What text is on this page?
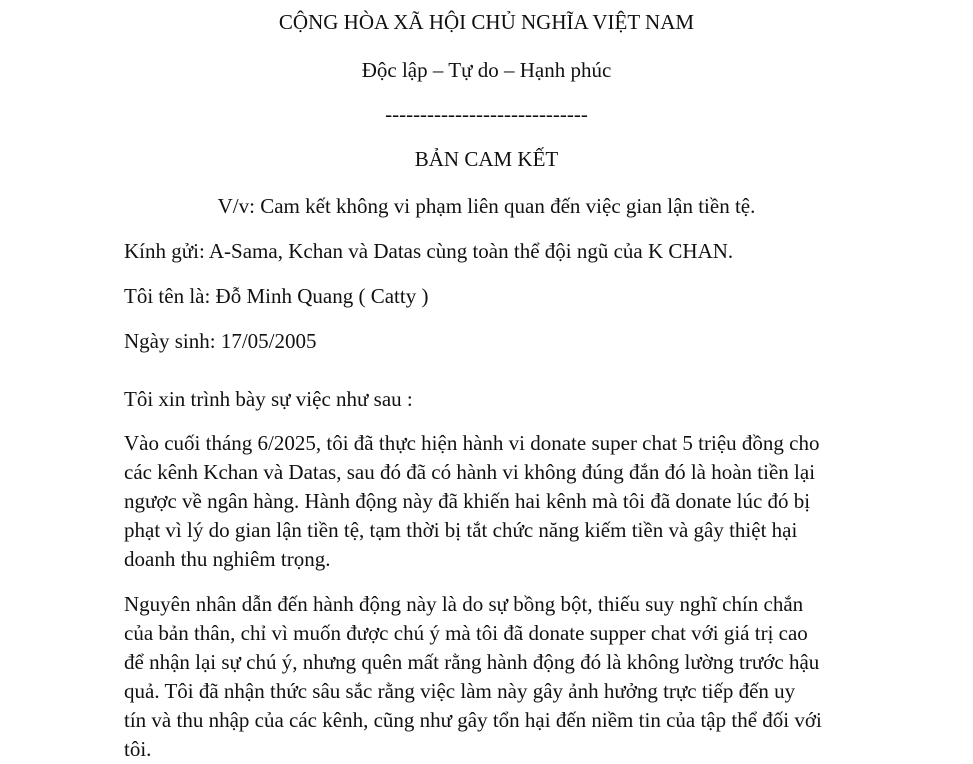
CỘNG HÒA XÃ HỘI CHỦ NGHĨA VIỆT NAM
Độc lập – Tự do – Hạnh phúc
-----------------------------
BẢN CAM KẾT
V/v: Cam kết không vi phạm liên quan đến việc gian lận tiền tệ.
Kính gửi: A-Sama, Kchan và Datas cùng toàn thể đội ngũ của K CHAN.
Tôi tên là: Đỗ Minh Quang ( Catty )
Ngày sinh: 17/05/2005
Tôi xin trình bày sự việc như sau :
Vào cuối tháng 6/2025, tôi đã thực hiện hành vi donate super chat 5 triệu đồng cho
các kênh Kchan và Datas, sau đó đã có hành vi không đúng đắn đó là hoàn tiền lại
ngược về ngân hàng. Hành động này đã khiến hai kênh mà tôi đã donate lúc đó bị
phạt vì lý do gian lận tiền tệ, tạm thời bị tắt chức năng kiếm tiền và gây thiệt hại
doanh thu nghiêm trọng.
Nguyên nhân dẫn đến hành động này là do sự bồng bột, thiếu suy nghĩ chín chắn
của bản thân, chỉ vì muốn được chú ý mà tôi đã donate supper chat với giá trị cao
để nhận lại sự chú ý, nhưng quên mất rằng hành động đó là không lường trước hậu
quả. Tôi đã nhận thức sâu sắc rằng việc làm này gây ảnh hưởng trực tiếp đến uy
tín và thu nhập của các kênh, cũng như gây tổn hại đến niềm tin của tập thể đối với
tôi.
